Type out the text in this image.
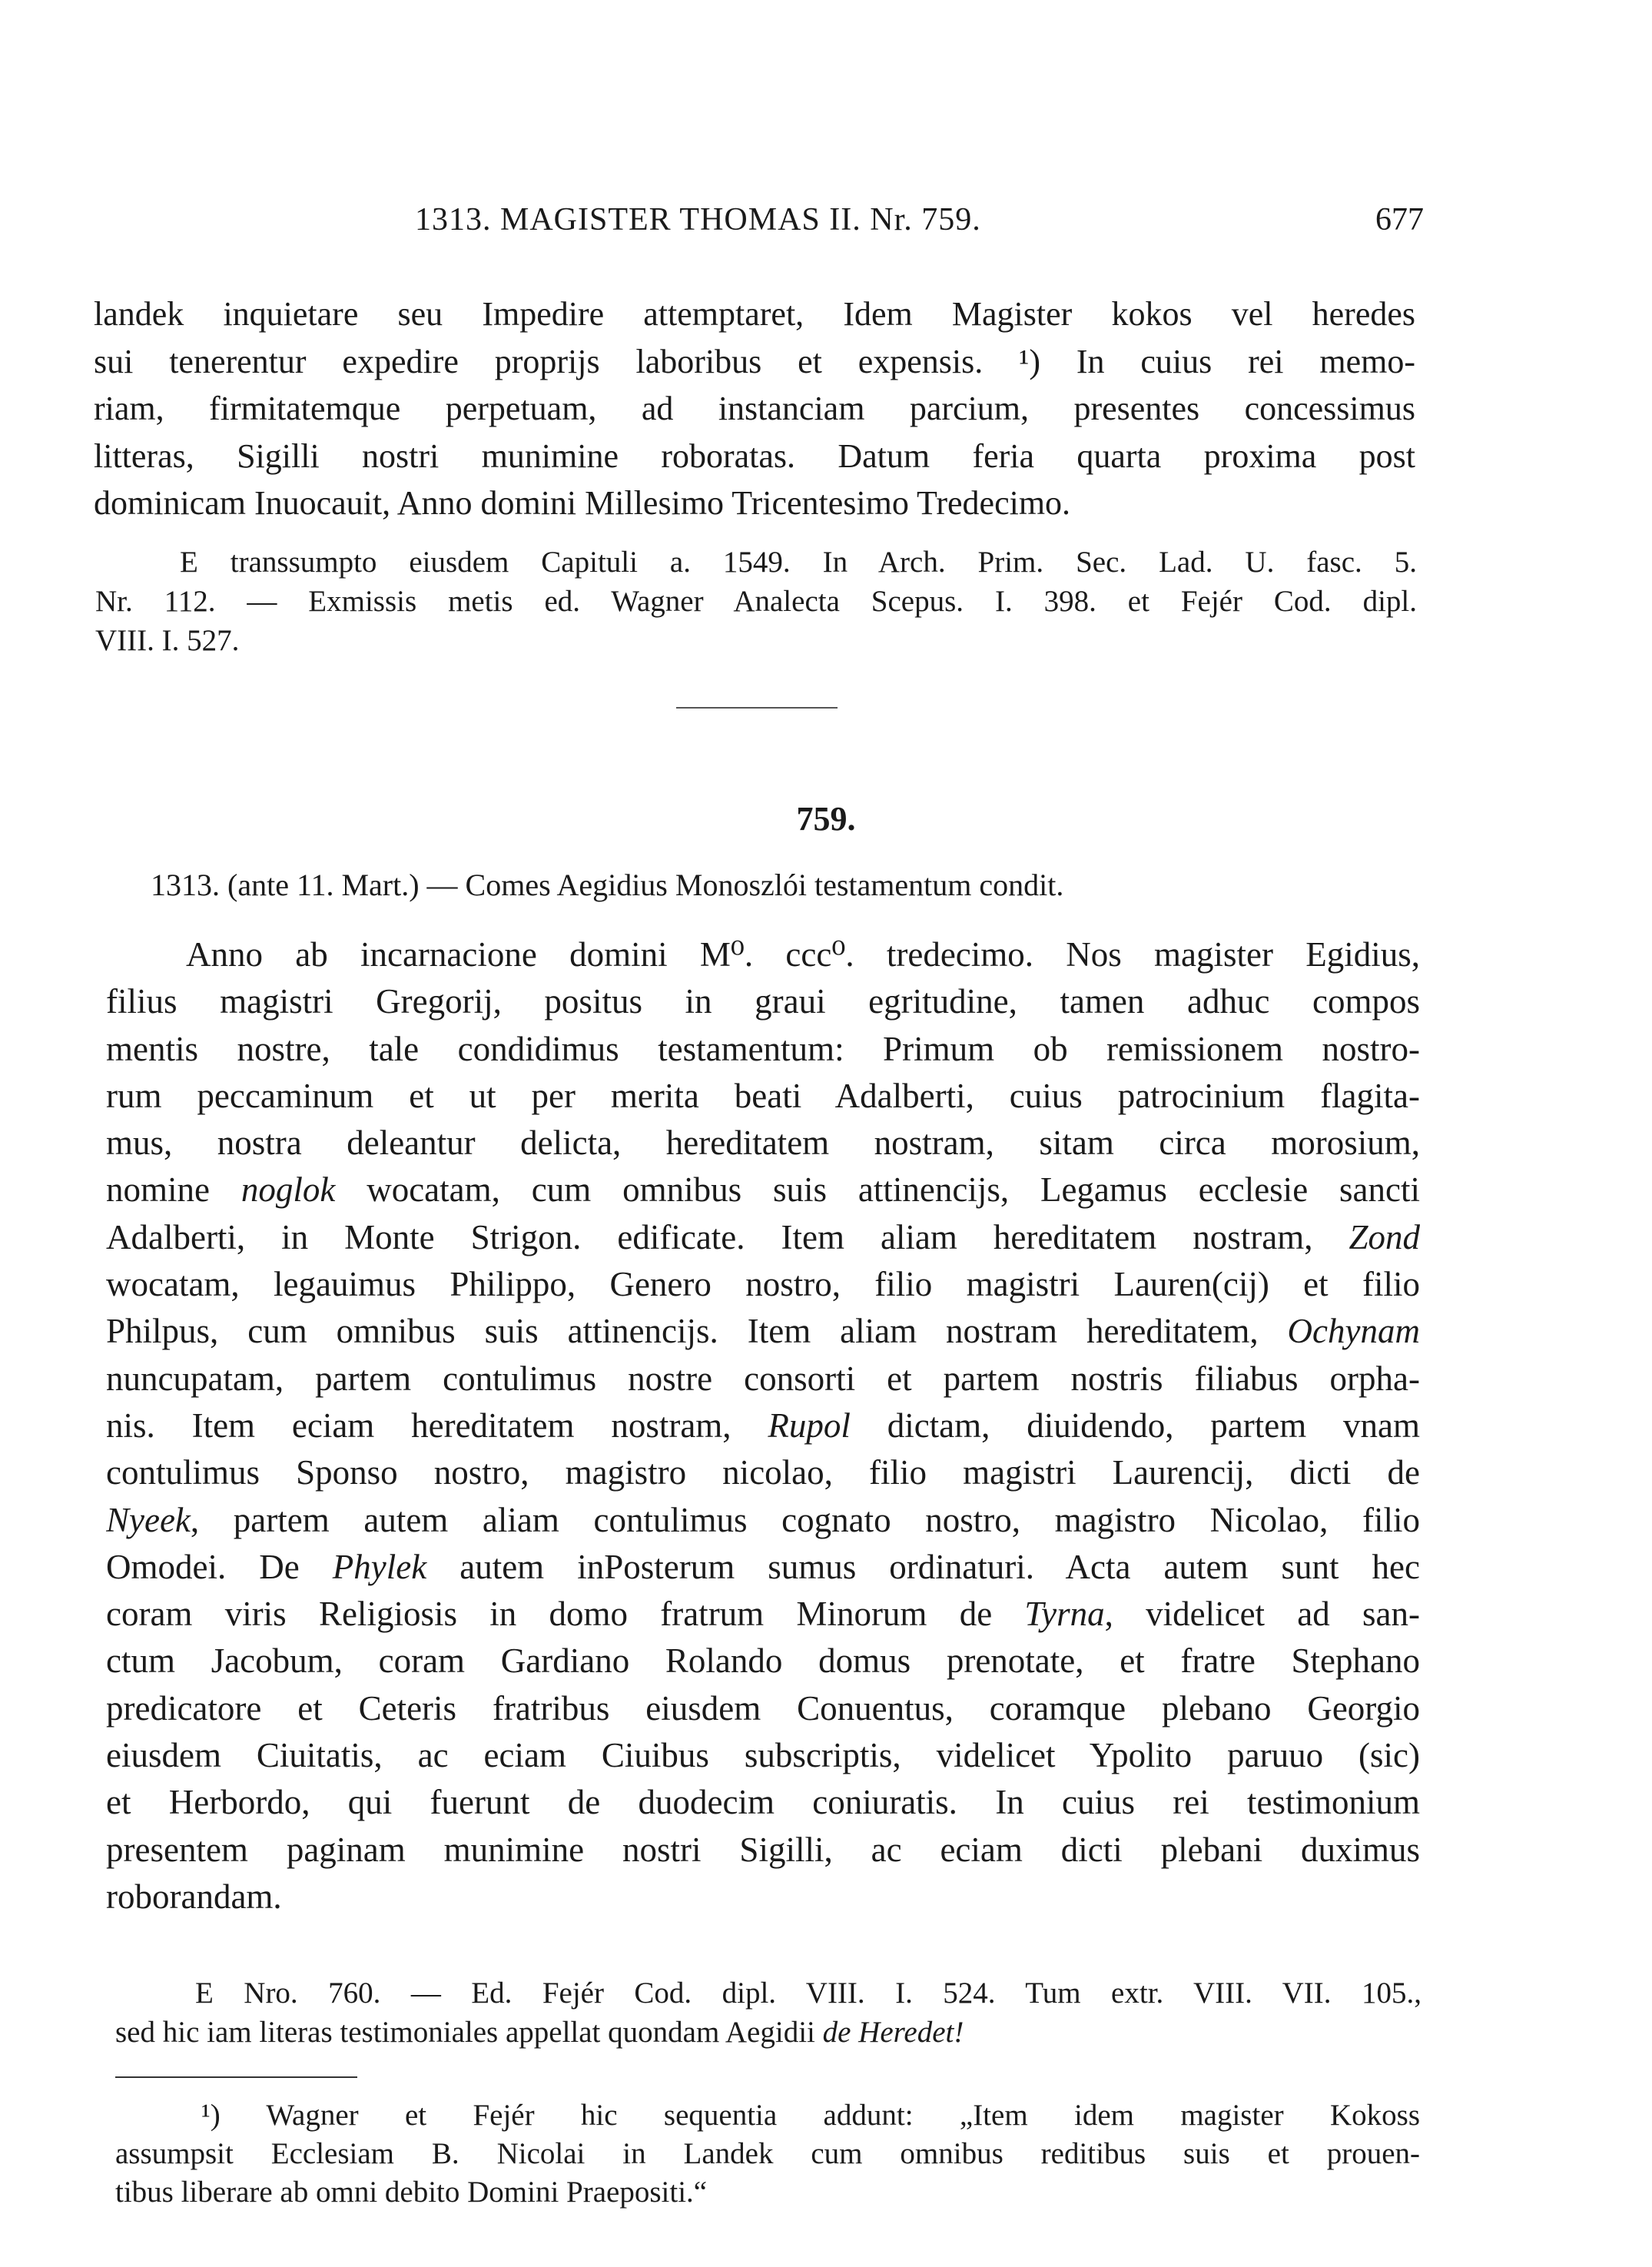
1313. MAGISTER THOMAS II. Nr. 759.	677
landek inquietare seu Impedire attemptaret, Idem Magister kokos vel heredes
sui tenerentur expedire proprijs laboribus et expensis. ¹) In cuius rei memo-
riam, firmitatemque perpetuam, ad instanciam parcium, presentes concessimus
litteras, Sigilli nostri munimine roboratas. Datum feria quarta proxima post
dominicam Inuocauit, Anno domini Millesimo Tricentesimo Tredecimo.
E transsumpto eiusdem Capituli a. 1549. In Arch. Prim. Sec. Lad. U. fasc. 5.
Nr. 112. — Exmissis metis ed. Wagner Analecta Scepus. I. 398. et Fejér Cod. dipl.
VIII. I. 527.
759.
1313. (ante 11. Mart.) — Comes Aegidius Monoszlói testamentum condit.
Anno ab incarnacione domini M⁰. ccc⁰. tredecimo. Nos magister Egidius,
filius magistri Gregorij, positus in graui egritudine, tamen adhuc compos
mentis nostre, tale condidimus testamentum: Primum ob remissionem nostro-
rum peccaminum et ut per merita beati Adalberti, cuius patrocinium flagita-
mus, nostra deleantur delicta, hereditatem nostram, sitam circa morosium,
nomine noglok wocatam, cum omnibus suis attinencijs, Legamus ecclesie sancti
Adalberti, in Monte Strigon. edificate. Item aliam hereditatem nostram, Zond
wocatam, legauimus Philippo, Genero nostro, filio magistri Lauren(cij) et filio
Philpus, cum omnibus suis attinencijs. Item aliam nostram hereditatem, Ochynam
nuncupatam, partem contulimus nostre consorti et partem nostris filiabus orpha-
nis. Item eciam hereditatem nostram, Rupol dictam, diuidendo, partem vnam
contulimus Sponso nostro, magistro nicolao, filio magistri Laurencij, dicti de
Nyeek, partem autem aliam contulimus cognato nostro, magistro Nicolao, filio
Omodei. De Phylek autem inPosterum sumus ordinaturi. Acta autem sunt hec
coram viris Religiosis in domo fratrum Minorum de Tyrna, videlicet ad san-
ctum Jacobum, coram Gardiano Rolando domus prenotate, et fratre Stephano
predicatore et Ceteris fratribus eiusdem Conuentus, coramque plebano Georgio
eiusdem Ciuitatis, ac eciam Ciuibus subscriptis, videlicet Ypolito paruuo (sic)
et Herbordo, qui fuerunt de duodecim coniuratis. In cuius rei testimonium
presentem paginam munimine nostri Sigilli, ac eciam dicti plebani duximus
roborandam.
E Nro. 760. — Ed. Fejér Cod. dipl. VIII. I. 524. Tum extr. VIII. VII. 105.,
sed hic iam literas testimoniales appellat quondam Aegidii de Heredet!
¹) Wagner et Fejér hic sequentia addunt: „Item idem magister Kokoss
assumpsit Ecclesiam B. Nicolai in Landek cum omnibus reditibus suis et prouen-
tibus liberare ab omni debito Domini Praepositi.“
